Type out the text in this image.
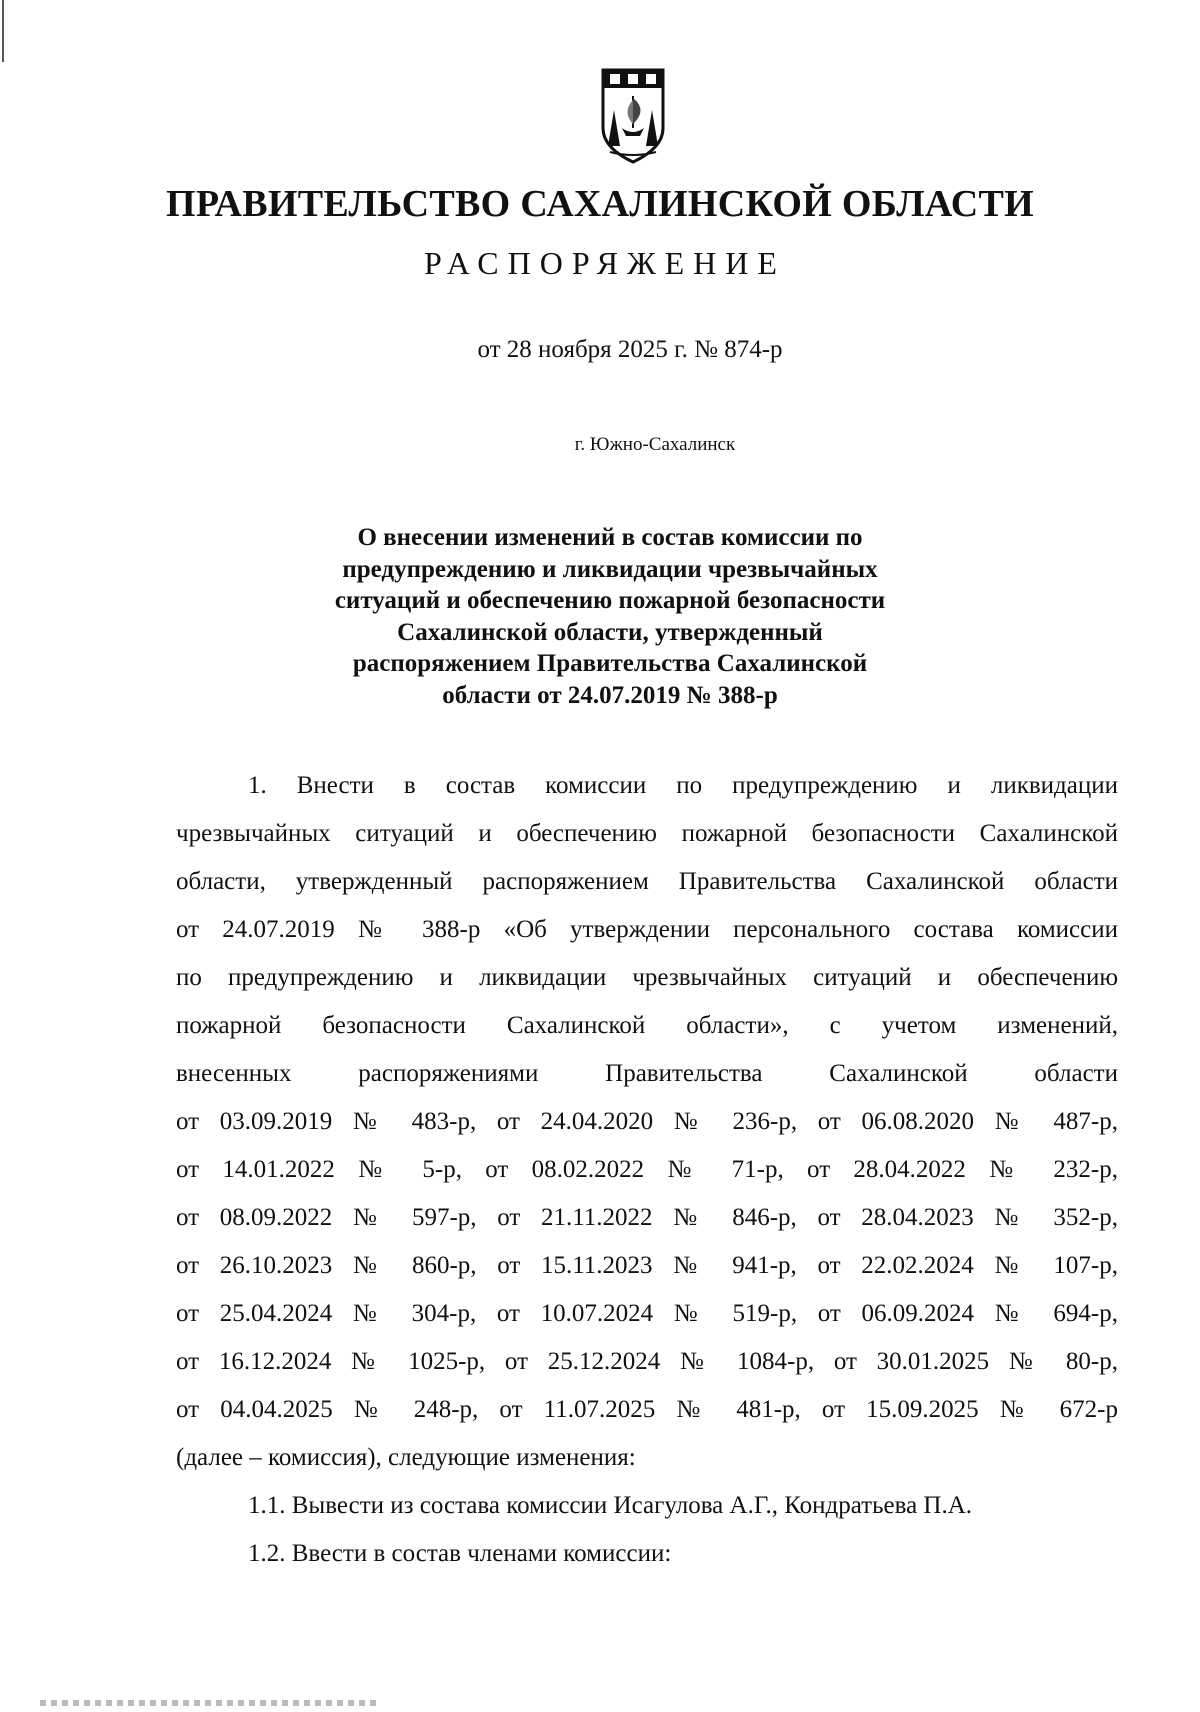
ПРАВИТЕЛЬСТВО САХАЛИНСКОЙ ОБЛАСТИ
РАСПОРЯЖЕНИЕ
от 28 ноября 2025 г. № 874-р
г. Южно-Сахалинск
О внесении изменений в состав комиссии по
предупреждению и ликвидации чрезвычайных
ситуаций и обеспечению пожарной безопасности
Сахалинской области, утвержденный
распоряжением Правительства Сахалинской
области от 24.07.2019 № 388-р
1. Внести в состав комиссии по предупреждению и ликвидации
чрезвычайных ситуаций и обеспечению пожарной безопасности Сахалинской
области, утвержденный распоряжением Правительства Сахалинской области
от 24.07.2019 № 388-р «Об утверждении персонального состава комиссии
по предупреждению и ликвидации чрезвычайных ситуаций и обеспечению
пожарной безопасности Сахалинской области», с учетом изменений,
внесенных распоряжениями Правительства Сахалинской области
от 03.09.2019 № 483-р, от 24.04.2020 № 236-р, от 06.08.2020 № 487-р,
от 14.01.2022 № 5-р, от 08.02.2022 № 71-р, от 28.04.2022 № 232-р,
от 08.09.2022 № 597-р, от 21.11.2022 № 846-р, от 28.04.2023 № 352-р,
от 26.10.2023 № 860-р, от 15.11.2023 № 941-р, от 22.02.2024 № 107-р,
от 25.04.2024 № 304-р, от 10.07.2024 № 519-р, от 06.09.2024 № 694-р,
от 16.12.2024 № 1025-р, от 25.12.2024 № 1084-р, от 30.01.2025 № 80-р,
от 04.04.2025 № 248-р, от 11.07.2025 № 481-р, от 15.09.2025 № 672-р
(далее – комиссия), следующие изменения:
1.1. Вывести из состава комиссии Исагулова А.Г., Кондратьева П.А.
1.2. Ввести в состав членами комиссии:
